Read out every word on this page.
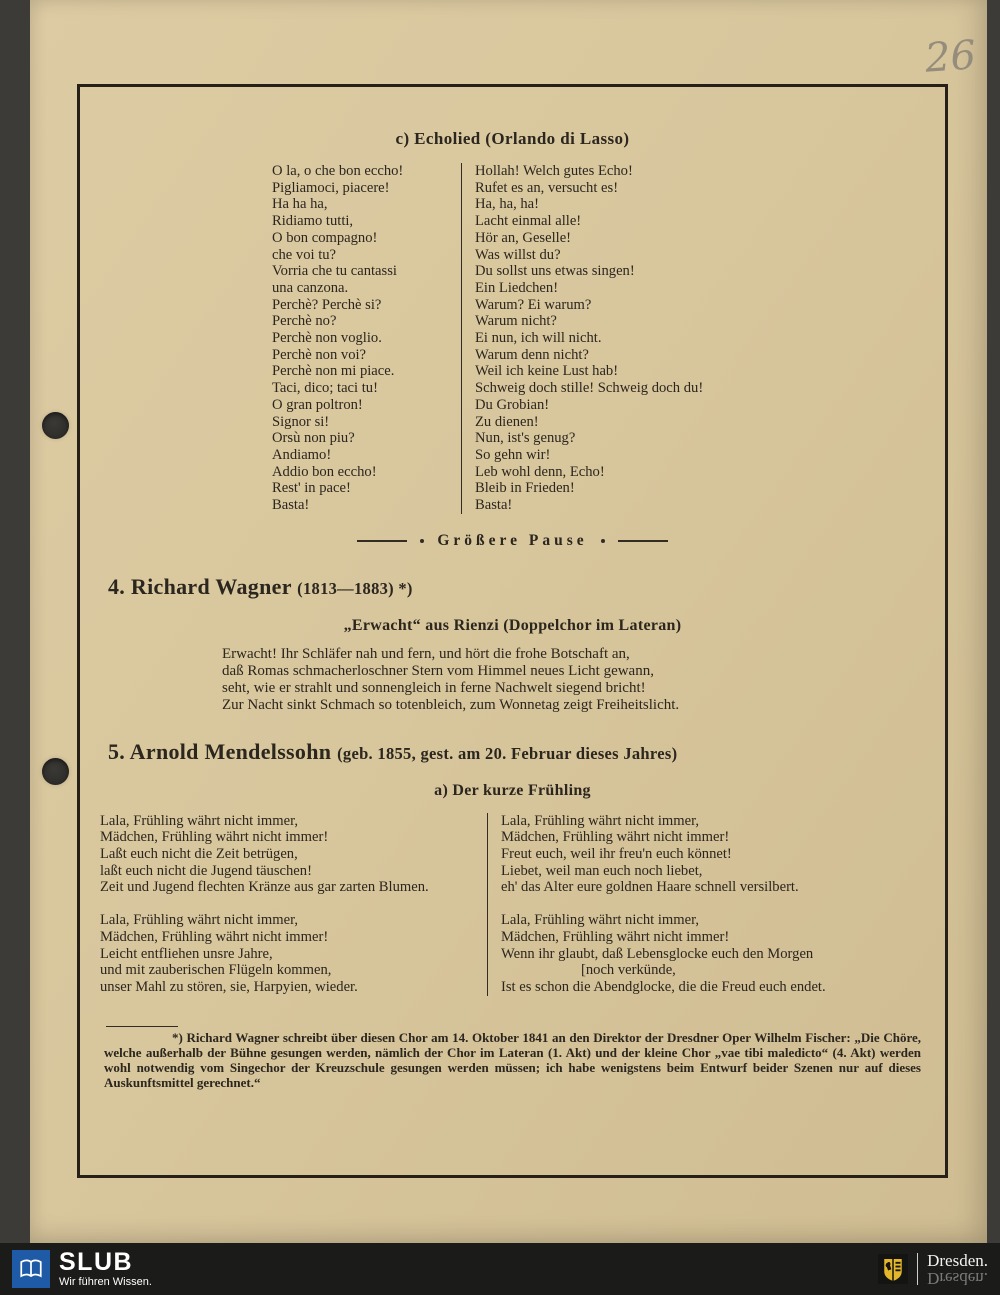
26
c) Echolied (Orlando di Lasso)
O la, o che bon eccho!
Pigliamoci, piacere!
Ha ha ha,
Ridiamo tutti,
O bon compagno!
che voi tu?
Vorria che tu cantassi
una canzona.
Perchè? Perchè si?
Perchè no?
Perchè non voglio.
Perchè non voi?
Perchè non mi piace.
Taci, dico; taci tu!
O gran poltron!
Signor si!
Orsù non piu?
Andiamo!
Addio bon eccho!
Rest' in pace!
Basta!
Hollah! Welch gutes Echo!
Rufet es an, versucht es!
Ha, ha, ha!
Lacht einmal alle!
Hör an, Geselle!
Was willst du?
Du sollst uns etwas singen!
Ein Liedchen!
Warum? Ei warum?
Warum nicht?
Ei nun, ich will nicht.
Warum denn nicht?
Weil ich keine Lust hab!
Schweig doch stille! Schweig doch du!
Du Grobian!
Zu dienen!
Nun, ist's genug?
So gehn wir!
Leb wohl denn, Echo!
Bleib in Frieden!
Basta!
Größere Pause
4. Richard Wagner (1813—1883) *)
„Erwacht“ aus Rienzi (Doppelchor im Lateran)
Erwacht! Ihr Schläfer nah und fern, und hört die frohe Botschaft an,
daß Romas schmacherloschner Stern vom Himmel neues Licht gewann,
seht, wie er strahlt und sonnengleich in ferne Nachwelt siegend bricht!
Zur Nacht sinkt Schmach so totenbleich, zum Wonnetag zeigt Freiheitslicht.
5. Arnold Mendelssohn (geb. 1855, gest. am 20. Februar dieses Jahres)
a) Der kurze Frühling
Lala, Frühling währt nicht immer,
Mädchen, Frühling währt nicht immer!
Laßt euch nicht die Zeit betrügen,
laßt euch nicht die Jugend täuschen!
Zeit und Jugend flechten Kränze aus gar zarten Blumen.
Lala, Frühling währt nicht immer,
Mädchen, Frühling währt nicht immer!
Leicht entfliehen unsre Jahre,
und mit zauberischen Flügeln kommen,
unser Mahl zu stören, sie, Harpyien, wieder.
Lala, Frühling währt nicht immer,
Mädchen, Frühling währt nicht immer!
Freut euch, weil ihr freu'n euch könnet!
Liebet, weil man euch noch liebet,
eh' das Alter eure goldnen Haare schnell versilbert.
Lala, Frühling währt nicht immer,
Mädchen, Frühling währt nicht immer!
Wenn ihr glaubt, daß Lebensglocke euch den Morgen
[noch verkünde,
Ist es schon die Abendglocke, die die Freud euch endet.
*) Richard Wagner schreibt über diesen Chor am 14. Oktober 1841 an den Direktor der Dresdner Oper Wilhelm Fischer: „Die Chöre, welche außerhalb der Bühne gesungen werden, nämlich der Chor im Lateran (1. Akt) und der kleine Chor „vae tibi maledicto“ (4. Akt) werden wohl notwendig vom Singechor der Kreuzschule gesungen werden müssen; ich habe wenigstens beim Entwurf beider Szenen nur auf dieses Auskunftsmittel gerechnet.“
SLUB
Wir führen Wissen.
Dresden.
Dresden.
